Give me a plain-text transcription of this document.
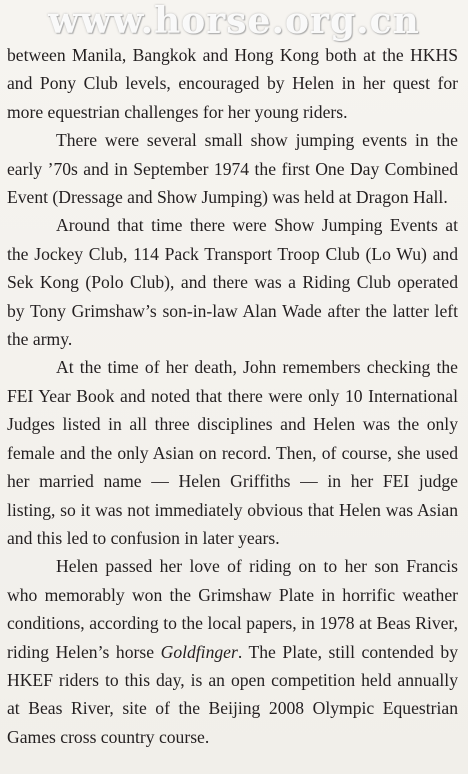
www.horse.org.cn

between Manila, Bangkok and Hong Kong both at the HKHS and Pony Club levels, encouraged by Helen in her quest for more equestrian challenges for her young riders.

There were several small show jumping events in the early ’70s and in September 1974 the first One Day Combined Event (Dressage and Show Jumping) was held at Dragon Hall.

Around that time there were Show Jumping Events at the Jockey Club, 114 Pack Transport Troop Club (Lo Wu) and Sek Kong (Polo Club), and there was a Riding Club operated by Tony Grimshaw’s son-in-law Alan Wade after the latter left the army.

At the time of her death, John remembers checking the FEI Year Book and noted that there were only 10 International Judges listed in all three disciplines and Helen was the only female and the only Asian on record. Then, of course, she used her married name — Helen Griffiths — in her FEI judge listing, so it was not immediately obvious that Helen was Asian and this led to confusion in later years.

Helen passed her love of riding on to her son Francis who memorably won the Grimshaw Plate in horrific weather conditions, according to the local papers, in 1978 at Beas River, riding Helen’s horse Goldfinger. The Plate, still contended by HKEF riders to this day, is an open competition held annually at Beas River, site of the Beijing 2008 Olympic Equestrian Games cross country course.
